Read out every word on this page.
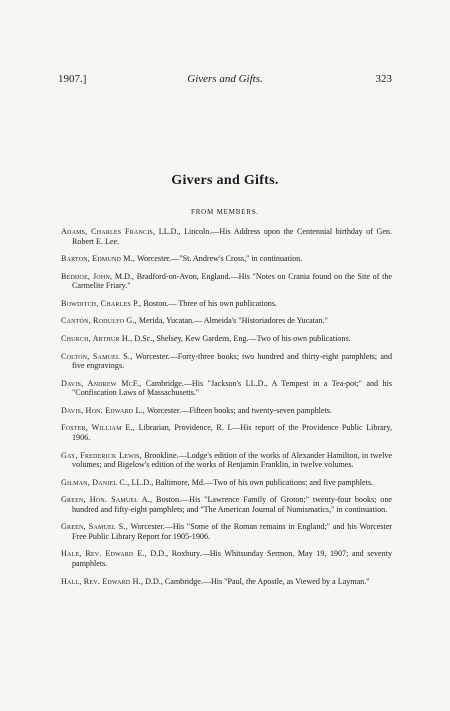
1907.]	Givers and Gifts.	323
Givers and Gifts.
FROM MEMBERS.

Adams, Charles Francis, LL.D., Lincoln.—His Address upon the Centennial birthday of Gen. Robert E. Lee.

Barton, Edmund M., Worcester.—"St. Andrew's Cross," in continuation.

Beddoe, John, M.D., Bradford-on-Avon, England.—His "Notes on Crania found on the Site of the Carmelite Friary."

Bowditch, Charles P., Boston.— Three of his own publications.

Cantón, Rodulfo G., Merida, Yucatan.— Almeida's "Historiadores de Yucatan."

Church, Arthur H., D.Sc., Shelsey, Kew Gardens, Eng.—Two of his own publications.

Colton, Samuel S., Worcester.—Forty-three books; two hundred and thirty-eight pamphlets; and five engravings.

Davis, Andrew McF., Cambridge.—His "Jackson's LL.D., A Tempest in a Tea-pot;" and his "Confiscation Laws of Massachusetts."

Davis, Hon. Edward L., Worcester.—Fifteen books; and twenty-seven pamphlets.

Foster, William E., Librarian, Providence, R. I.—His report of the Providence Public Library, 1906.

Gay, Frederick Lewis, Brookline.—Lodge's edition of the works of Alexander Hamilton, in twelve volumes; and Bigelow's edition of the works of Benjamin Franklin, in twelve volumes.

Gilman, Daniel C., LL.D., Baltimore, Md.—Two of his own publications; and five pamphlets.

Green, Hon. Samuel A., Boston.—His "Lawrence Family of Groton;" twenty-four books; one hundred and fifty-eight pamphlets; and "The American Journal of Numismatics," in continuation.

Green, Samuel S., Worcester.—His "Some of the Roman remains in England;" and his Worcester Free Public Library Report for 1905-1906.

Hale, Rev. Edward E., D.D., Roxbury.—His Whitsunday Sermon, May 19, 1907; and seventy pamphlets.

Hall, Rev. Edward H., D.D., Cambridge.—His "Paul, the Apostle, as Viewed by a Layman."
